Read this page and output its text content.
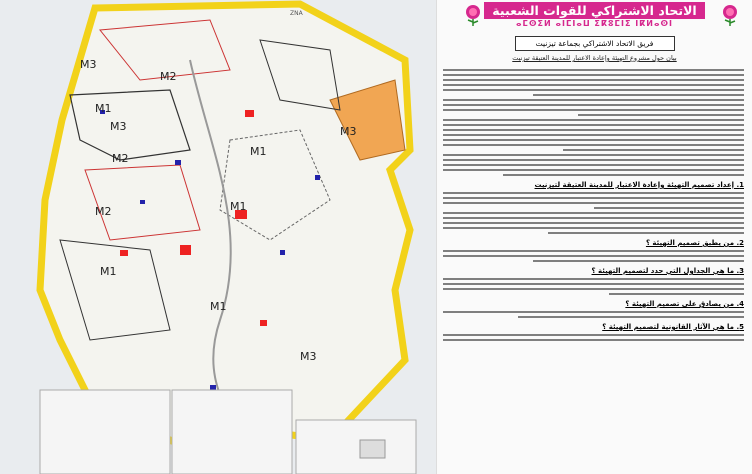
M1
M1
M1
M1
M1
M2
M2
M2
M3
M3	M3
M3
ZNA	الاتحاد الاشتراكي للقوات الشعبية
ⴰⵎⵙⵉⵍ ⴰⵏⵎⵏⴰⵡ ⵉⴽⵓⵎⵏⵉ ⵏⴽⵍⴰⵙⵏ
فريق الاتحاد الاشتراكي بجماعة تيزنيت
بيان حول مشروع التهيئة وإعادة الاعتبار للمدينة العتيقة تيزنيت
1. إعداد تصميم التهيئة وإعادة الاعتبار للمدينة العتيقة لتيزنيت
2. من يطبق تصميم التهيئة ؟
3. ما هي الجداول التي حدد لتصميم التهيئة ؟
4. من يصادق على تصميم التهيئة ؟
5. ما هي الآثار القانونية لتصميم التهيئة ؟
